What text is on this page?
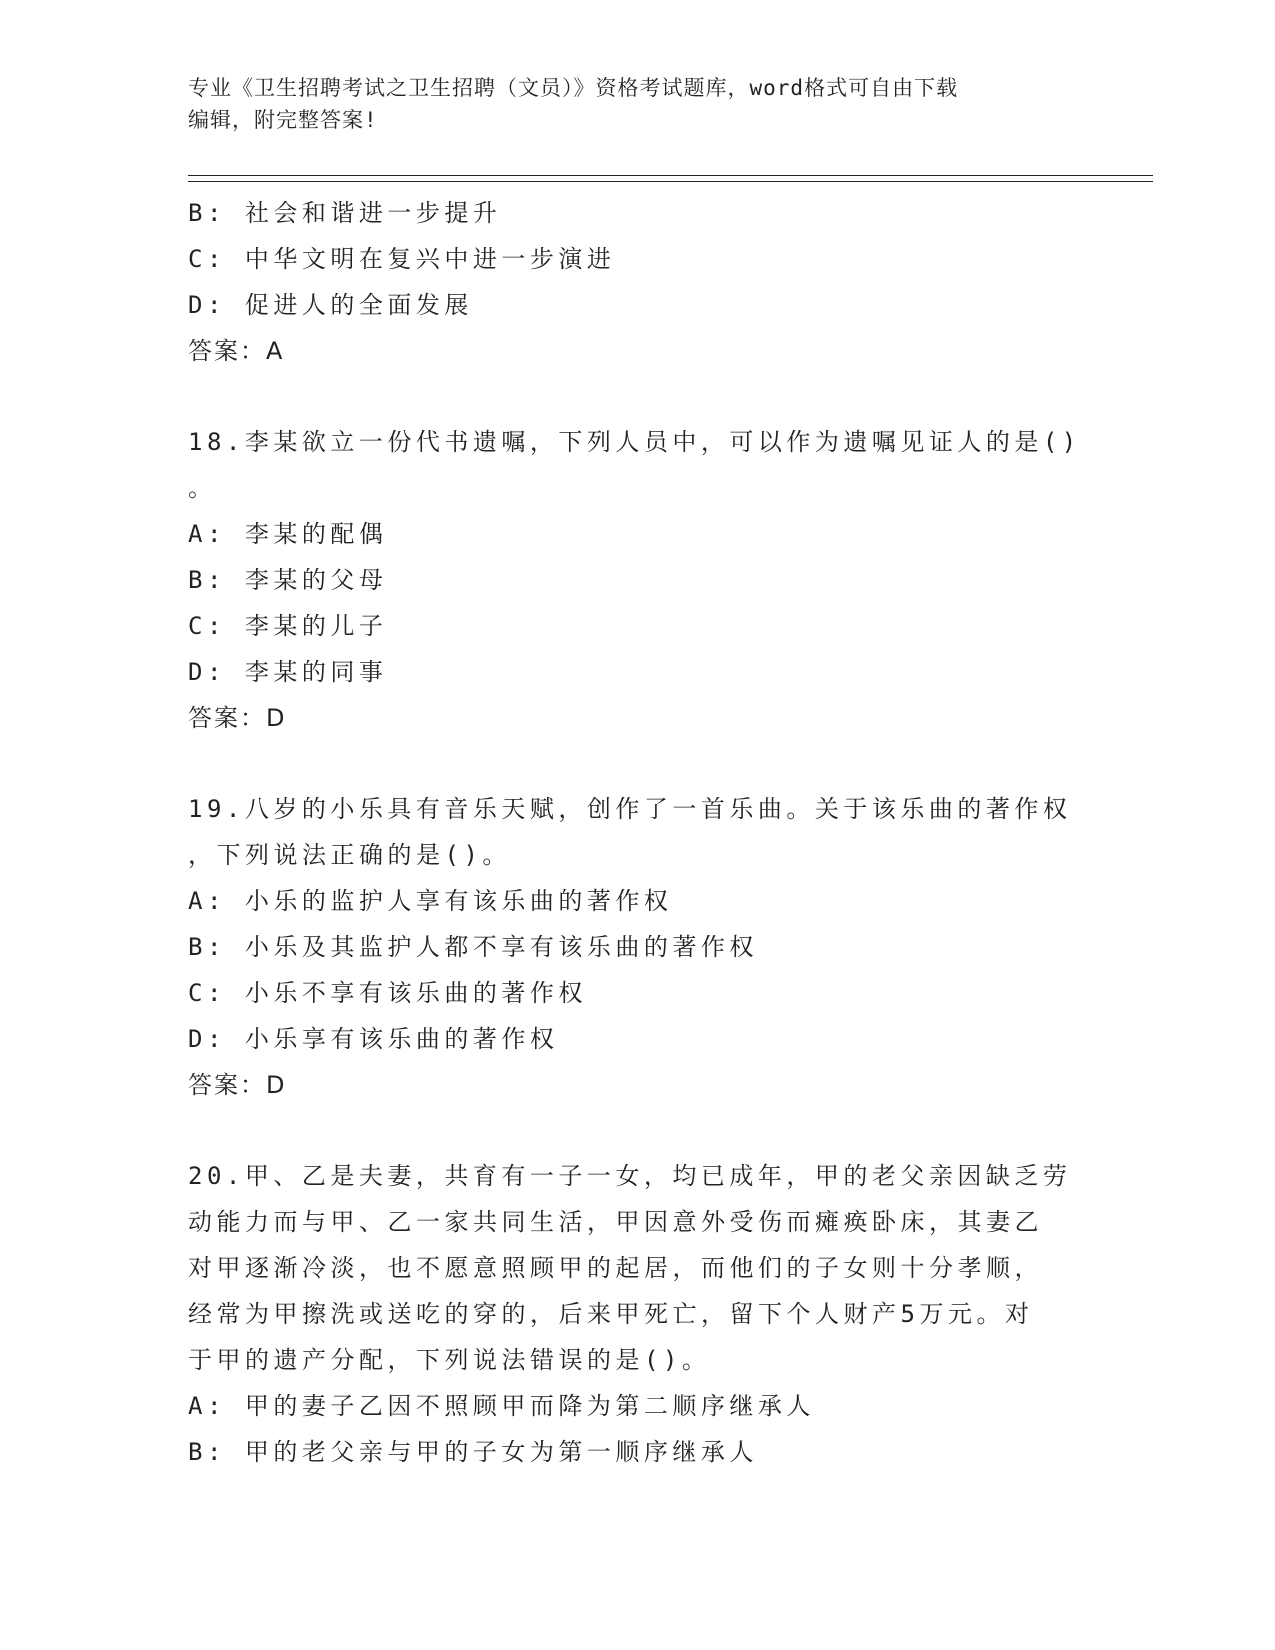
专业《卫生招聘考试之卫生招聘（文员）》资格考试题库，word格式可自由下载

编辑，附完整答案!

B: 社会和谐进一步提升

C: 中华文明在复兴中进一步演进

D: 促进人的全面发展

答案：A

18.李某欲立一份代书遗嘱，下列人员中，可以作为遗嘱见证人的是()

。

A: 李某的配偶

B: 李某的父母

C: 李某的儿子

D: 李某的同事

答案：D

19.八岁的小乐具有音乐天赋，创作了一首乐曲。关于该乐曲的著作权

，下列说法正确的是()。

A: 小乐的监护人享有该乐曲的著作权

B: 小乐及其监护人都不享有该乐曲的著作权

C: 小乐不享有该乐曲的著作权

D: 小乐享有该乐曲的著作权

答案：D

20.甲、乙是夫妻，共育有一子一女，均已成年，甲的老父亲因缺乏劳

动能力而与甲、乙一家共同生活，甲因意外受伤而瘫痪卧床，其妻乙

对甲逐渐冷淡，也不愿意照顾甲的起居，而他们的子女则十分孝顺，

经常为甲擦洗或送吃的穿的，后来甲死亡，留下个人财产5万元。对

于甲的遗产分配，下列说法错误的是()。

A: 甲的妻子乙因不照顾甲而降为第二顺序继承人

B: 甲的老父亲与甲的子女为第一顺序继承人
